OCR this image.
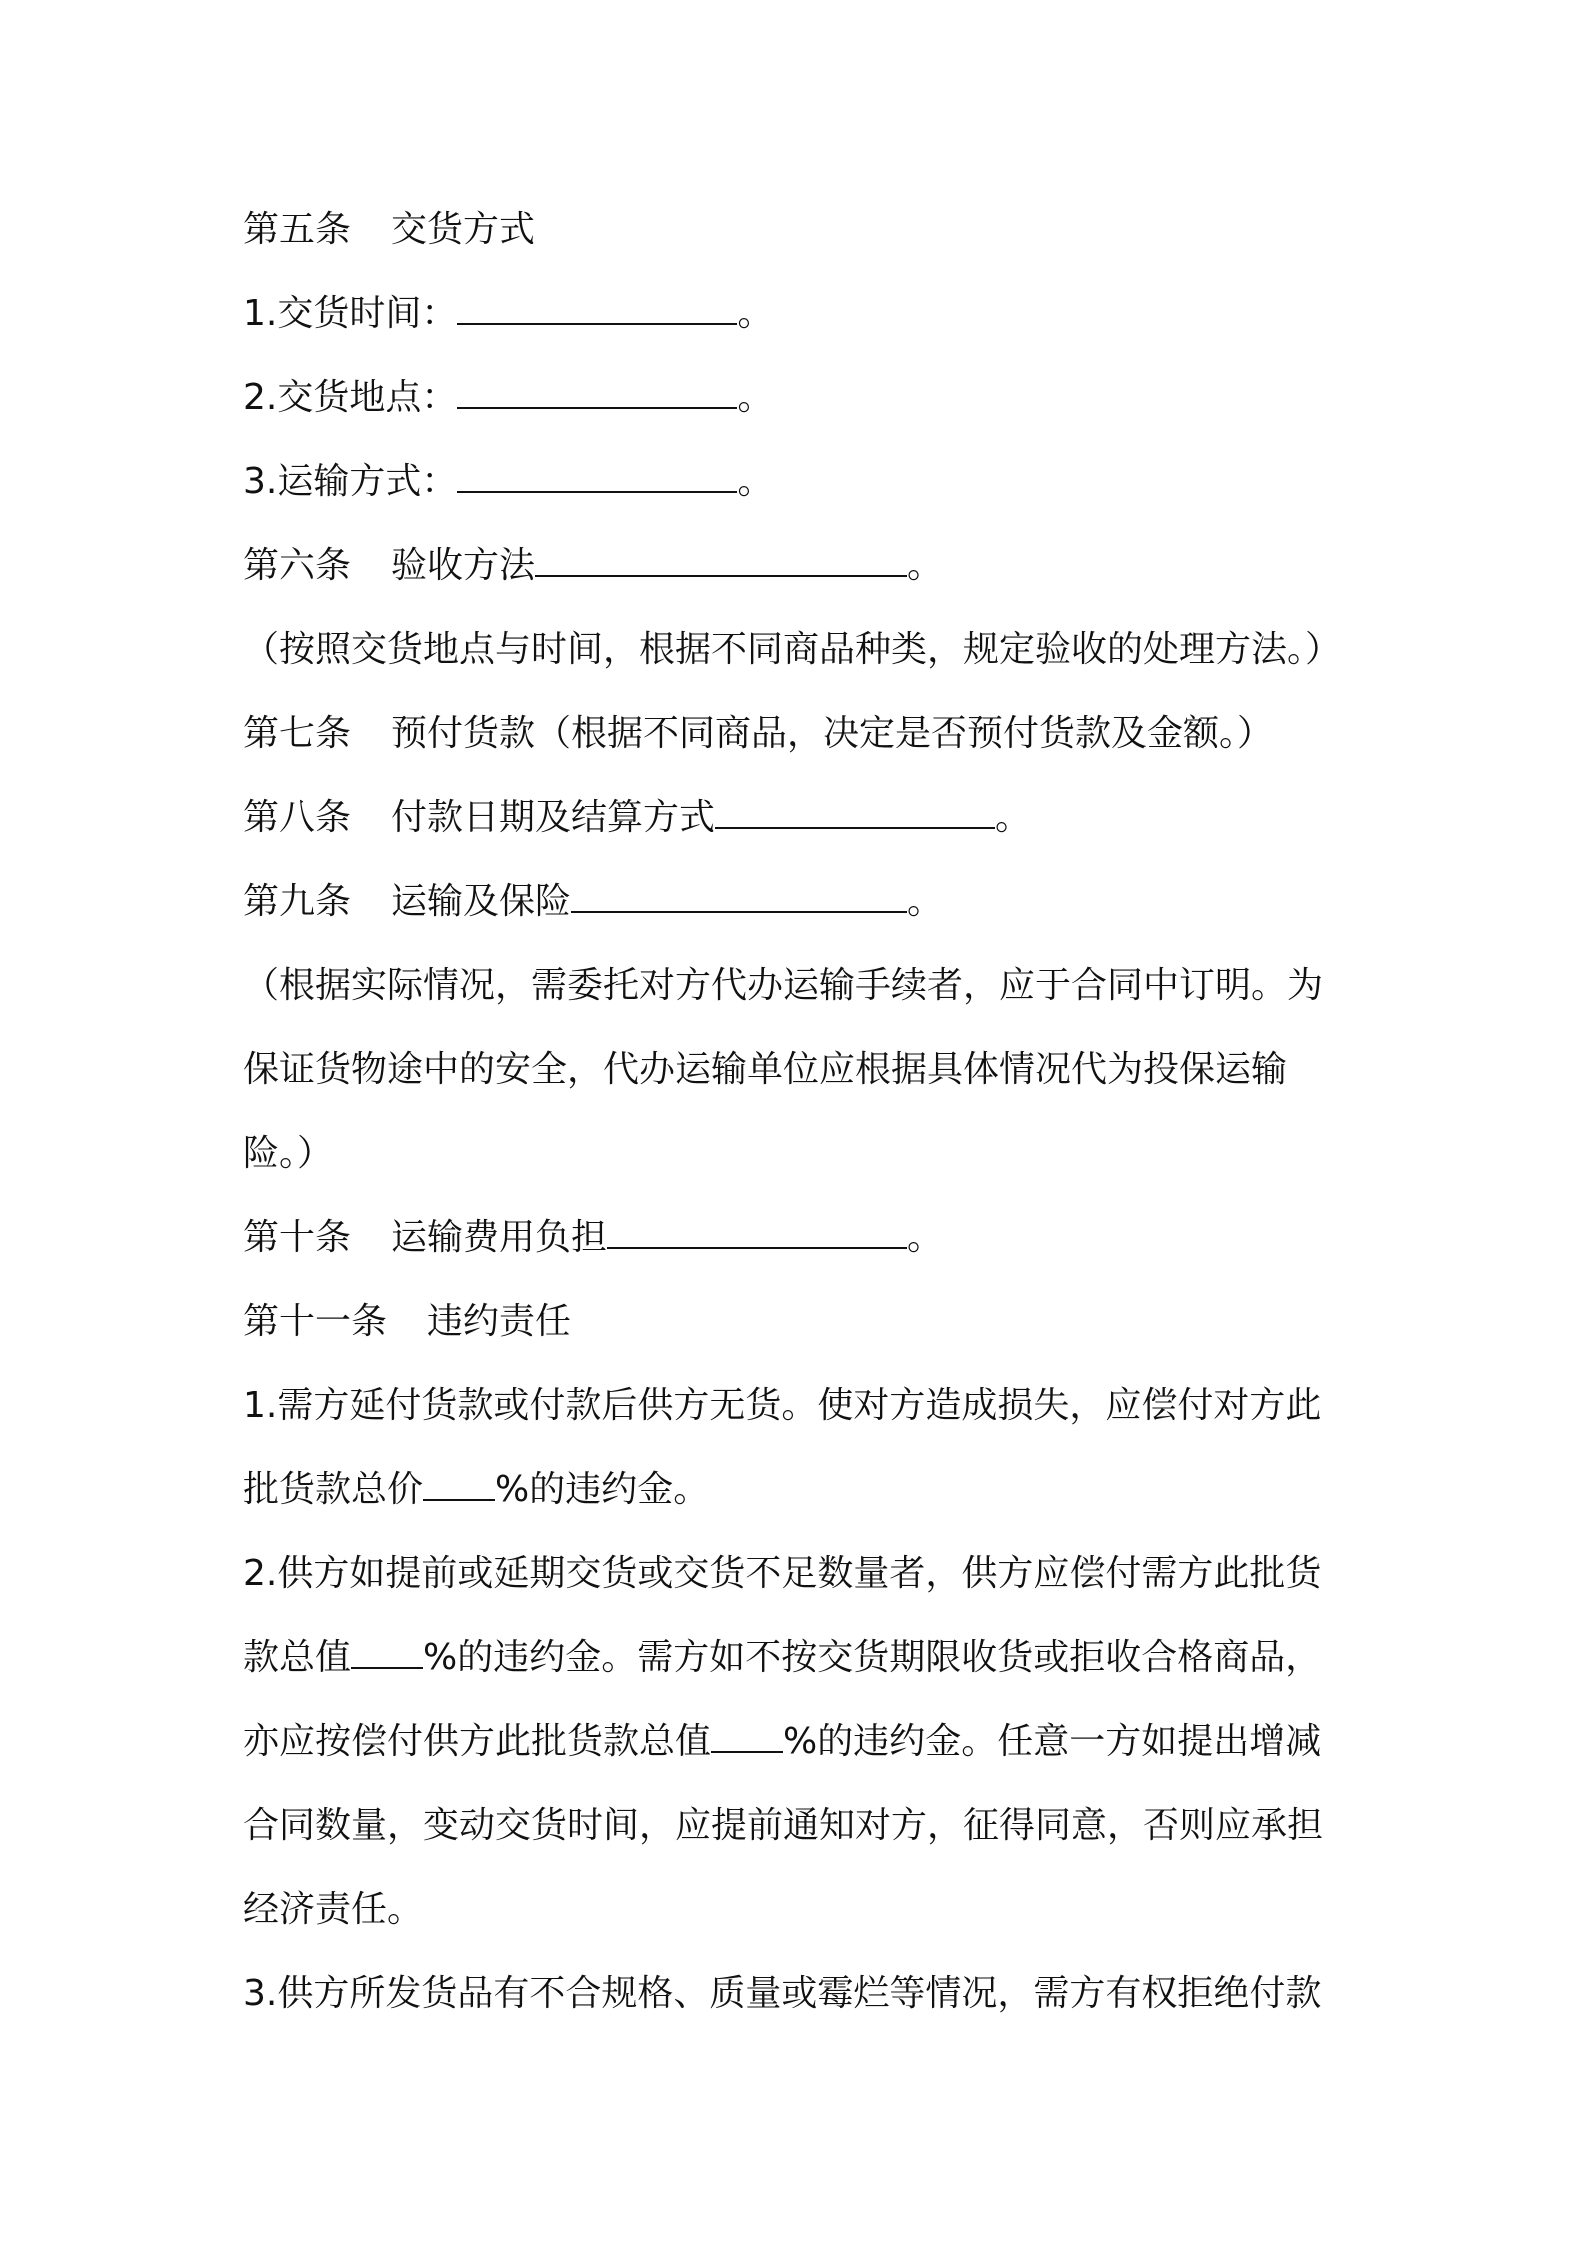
第五条 交货方式
1.交货时间：	。
2.交货地点：	。
3.运输方式：	。
第六条 验收方法	。
（按照交货地点与时间，根据不同商品种类，规定验收的处理方法。）
第七条 预付货款（根据不同商品，决定是否预付货款及金额。）
第八条 付款日期及结算方式	。
第九条 运输及保险	。
（根据实际情况，需委托对方代办运输手续者，应于合同中订明。为
保证货物途中的安全，代办运输单位应根据具体情况代为投保运输
险。）
第十条 运输费用负担	。
第十一条 违约责任
1.需方延付货款或付款后供方无货。使对方造成损失，应偿付对方此
批货款总价 %的违约金。
2.供方如提前或延期交货或交货不足数量者，供方应偿付需方此批货
款总值 %的违约金。需方如不按交货期限收货或拒收合格商品，
亦应按偿付供方此批货款总值 %的违约金。任意一方如提出增减
合同数量，变动交货时间，应提前通知对方，征得同意，否则应承担
经济责任。
3.供方所发货品有不合规格、质量或霉烂等情况，需方有权拒绝付款
